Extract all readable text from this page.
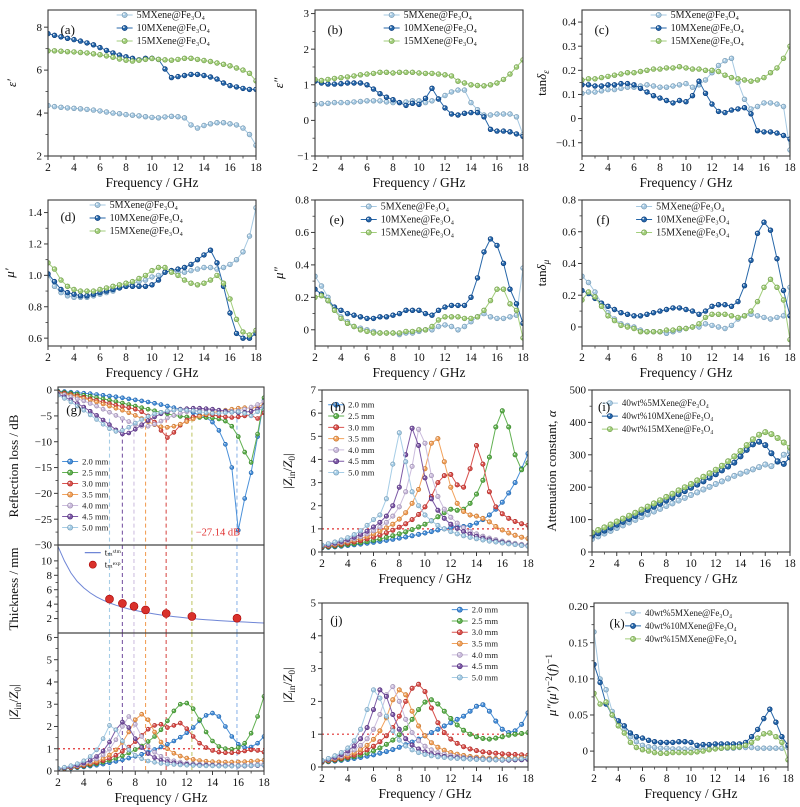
2
4
6
8
5MXene@Fe₃O₄
10MXene@Fe₃O₄
15MXene@Fe₃O₄
(a)
ε′
2 4 6 8 10 12 14 16 18
Frequency / GHz
−1
0
1
2
3	5MXene@Fe₃O₄
10MXene@Fe₃O₄
15MXene@Fe₃O₄
(b)
ε″
2 4 6 8 10 12 14 16 18
Frequency / GHz
−0.1
0
0.1
0.2
0.3
0.4
5MXene@Fe₃O₄
10MXene@Fe₃O₄
15MXene@Fe₃O₄
(c)
tanδ$_\varepsilon$
2 4 6 8 10 12 14 16 18
Frequency / GHz
0.6
0.8
1.0
1.2
1.4
5MXene@Fe₃O₄
10MXene@Fe₃O₄
15MXene@Fe₃O₄
(d)
μ′
2 4 6 8 10 12 14 16 18
Frequency / GHz
0
0.2
0.4
0.6
0.8
5MXene@Fe₃O₄
10MXene@Fe₃O₄
15MXene@Fe₃O₄
(e)
μ″
2 4 6 8 10 12 14 16 18
Frequency / GHz
0
0.2
0.4
0.6
0.8
5MXene@Fe₃O₄
10MXene@Fe₃O₄
15MXene@Fe₃O₄
(f)
tanδ$_\mu$
2 4 6 8 10 12 14 16 18
Frequency / GHz
0
−5
−10
−15
−20
−25
−30
−27.14 dB
2.0 mm
2.5 mm
3.0 mm
3.5 mm
4.0 mm
4.5 mm
5.0 mm
(g)
Reflection loss / dB
2
4
6
8
10
tₘˢⁱᵐ
tₘᵉˣᵖ
Thickness / mm
0
1
2
3
4
5
6
$|Z_{in}/Z_0|$
2 4 6 8 10 12 14 16 18
Frequency / GHz
0
1
2
3
4
5
6
7
2.0 mm
2.5 mm
3.0 mm
3.5 mm
4.0 mm
4.5 mm
5.0 mm
(h)
$|Z_{in}/Z_0|$
2 4 6 8 10 12 14 16 18
Frequency / GHz
0
100
200
300
400
500
40wt%5MXene@Fe₃O₄
40wt%10MXene@Fe₃O₄
40wt%15MXene@Fe₃O₄
(i)
Attenuation constant, α
2 4 6 8 10 12 14 16 18
Frequency / GHz
0
1
2
3
4
5
2.0 mm
2.5 mm
3.0 mm
3.5 mm
4.0 mm
4.5 mm
5.0 mm
(j)
$|Z_{in}/Z_0|$
2 4 6 8 10 12 14 16 18
Frequency / GHz
0
0.05
0.10
0.15
0.20	40wt%5MXene@Fe₃O₄
40wt%10MXene@Fe₃O₄
40wt%15MXene@Fe₃O₄
(k)
$\mu''(\mu')^{-2}(f)^{-1}$
2 4 6 8 10 12 14 16 18
Frequency / GHz
